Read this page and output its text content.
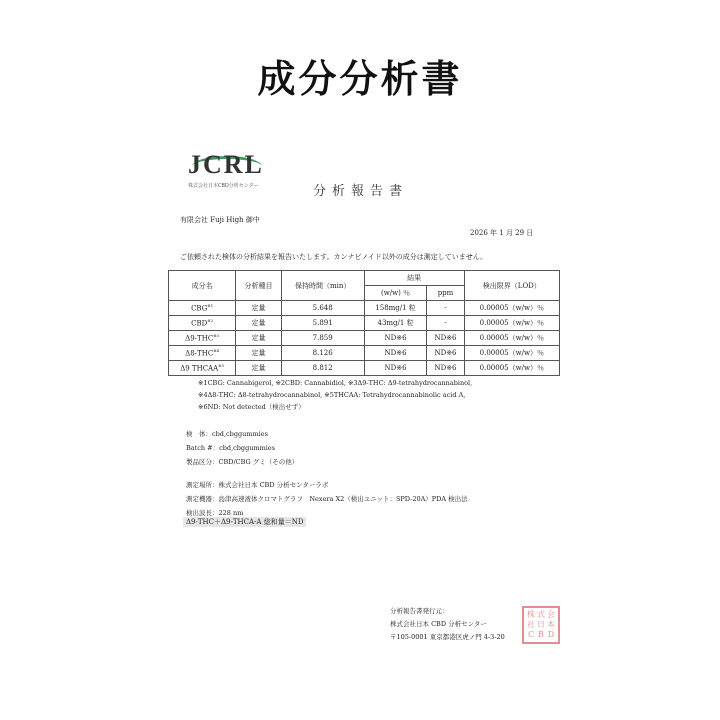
成分分析書
JCRL
株式会社日本CBD分析センター	分析報告書
有限会社 Fuji High 御中
2026 年 1 月 29 日
ご依頼された検体の分析結果を報告いたします。カンナビノイド以外の成分は測定していません。
成分名	分析種目	保持時間（min）	結果		検出限界（LOD）
			(w/w) ％	ppm	
CBG$^{※1}$	定量	5.648	158mg/1 粒	-	0.00005（w/w）％
CBD$^{※2}$	定量	5.891	43mg/1 粒	-	0.00005（w/w）％
Δ9-THC$^{※3}$	定量	7.859	ND※6	ND※6	0.00005（w/w）％
Δ8-THC$^{※4}$	定量	8.126	ND※6	ND※6	0.00005（w/w）％
Δ9 THCAA$^{※5}$	定量	8.812	ND※6	ND※6	0.00005（w/w）％
※1CBG: Cannabigerol, ※2CBD: Cannabidiol, ※3Δ9-THC: Δ9-tetrahydrocannabinol,
※4Δ8-THC: Δ8-tetrahydrocannabinol, ※5THCAA: Tetrahydrocannabinolic acid A,
※6ND: Not detected（検出せず）
検　体：cbd,cbggummies
Batch #：cbd,cbggummies
製品区分：CBD/CBG グミ（その他）
測定場所：株式会社日本 CBD 分析センターラボ
測定機器：島津高速液体クロマトグラフ　Nexera X2（検出ユニット：SPD-20A）PDA 検出法
検出波長：228 nm
Δ9-THC＋Δ9-THCA-A 総和量＝ND
分析報告書発行元：
株式会社日本 CBD 分析センター
〒105-0001 東京都港区虎ノ門 4-3-20
株 式 会
社 日 本
C B D
